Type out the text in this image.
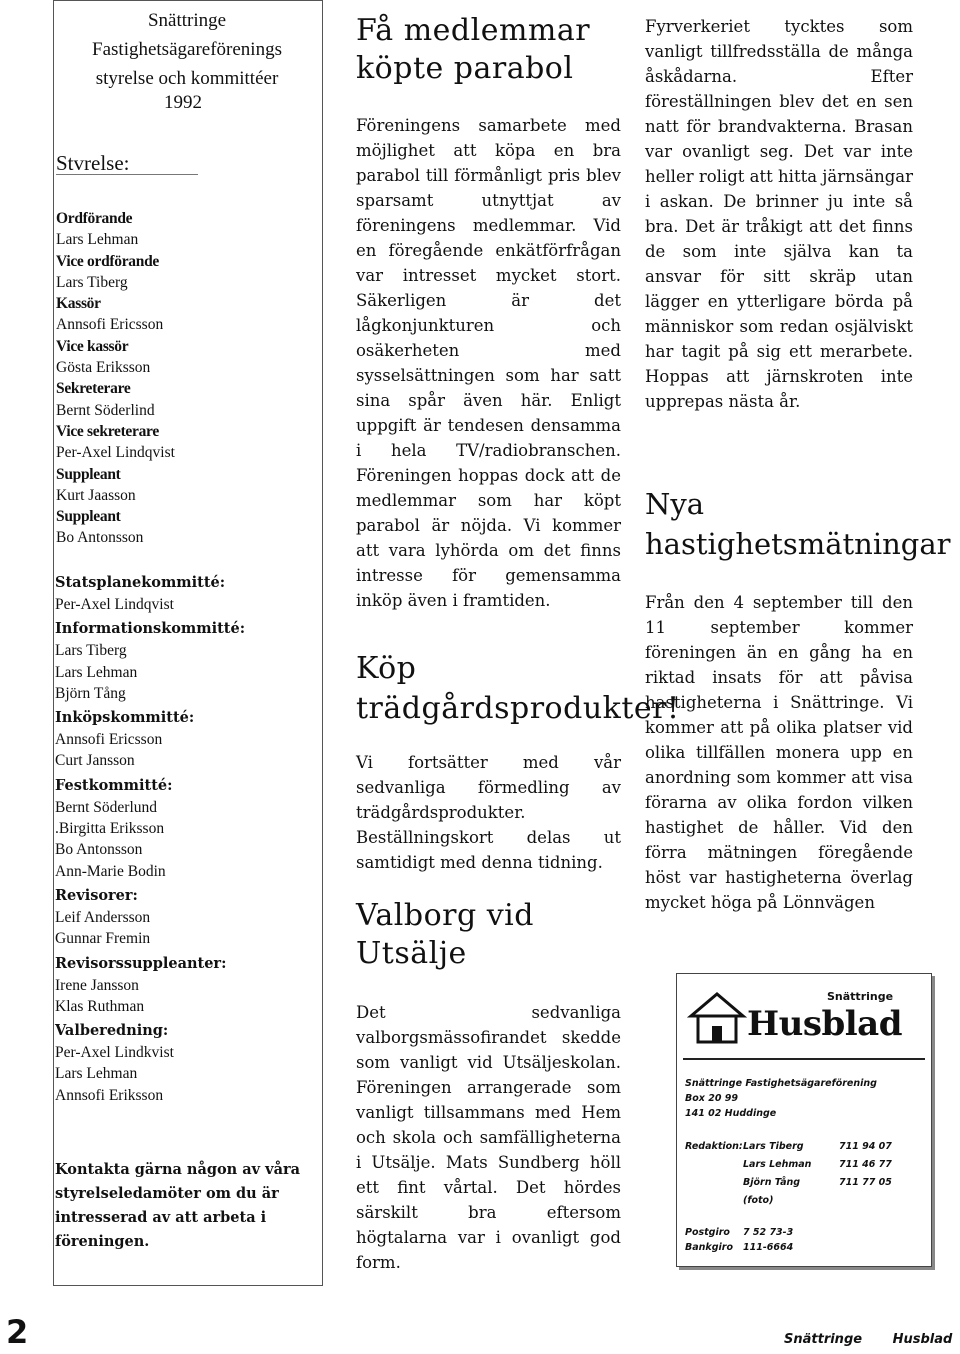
Snättringe
Fastighetsägareförenings
styrelse och kommittéer
1992
Stvrelse:
Ordförande
Lars Lehman
Vice ordförande
Lars Tiberg
Kassör
Annsofi Ericsson
Vice kassör
Gösta Eriksson
Sekreterare
Bernt Söderlind
Vice sekreterare
Per-Axel Lindqvist
Suppleant
Kurt Jaasson
Suppleant
Bo Antonsson
Statsplanekommitté:
Per-Axel Lindqvist
Informationskommitté:
Lars Tiberg
Lars Lehman
Björn Tång
Inköpskommitté:
Annsofi Ericsson
Curt Jansson
Festkommitté:
Bernt Söderlund
.Birgitta Eriksson
Bo Antonsson
Ann-Marie Bodin
Revisorer:
Leif Andersson
Gunnar Fremin
Revisorssuppleanter:
Irene Jansson
Klas Ruthman
Valberedning:
Per-Axel Lindkvist
Lars Lehman
Annsofi Eriksson
Kontakta gärna någon av våra styrelseledamöter om du är intresserad av att arbeta i föreningen.
Få medlemmar köpte parabol
Föreningens samarbete med möjlighet att köpa en bra parabol till förmånligt pris blev sparsamt utnyttjat av föreningens medlemmar. Vid en föregående enkätförfrågan var intresset mycket stort. Säkerligen är det lågkonjunkturen och osäkerheten med sysselsättningen som har satt sina spår även här. Enligt uppgift är tendesen densamma i hela TV/radiobranschen. Föreningen hoppas dock att de medlemmar som har köpt parabol är nöjda. Vi kommer att vara lyhörda om det finns intresse för gemensamma inköp även i framtiden.
Köp trädgårdsprodukter!
Vi fortsätter med vår sedvanliga förmedling av trädgårdsprodukter. Beställningskort delas ut samtidigt med denna tidning.
Valborg vid Utsälje
Det sedvanliga valborgsmässofirandet skedde som vanligt vid Utsäljeskolan. Föreningen arrangerade som vanligt tillsammans med Hem och skola och samfälligheterna i Utsälje. Mats Sundberg höll ett fint vårtal. Det hördes särskilt bra eftersom högtalarna var i ovanligt god form.
Fyrverkeriet tycktes som vanligt tillfredsställa de många åskådarna. Efter föreställningen blev det en sen natt för brandvakterna. Brasan var ovanligt seg. Det var inte heller roligt att hitta järnsängar i askan. De brinner ju inte så bra. Det är tråkigt att det finns de som inte själva kan ta ansvar för sitt skräp utan lägger en ytterligare börda på människor som redan osjälviskt har tagit på sig ett merarbete. Hoppas att järnskroten inte upprepas nästa år.
Nya hastighetsmätningar
Från den 4 september till den 11 september kommer föreningen än en gång ha en riktad insats för att påvisa hastigheterna i Snättringe. Vi kommer att på olika platser vid olika tillfällen monera upp en anordning som kommer att visa förarna av olika fordon vilken hastighet de håller. Vid den förra mätningen föregående höst var hastigheterna överlag mycket höga på Lönnvägen
Snättringe
Husblad
Snättringe Fastighetsägareförening
Box 20 99
141 02 Huddinge
Redaktion: Lars Tiberg	711 94 07
Lars Lehman	711 46 77
Björn Tång	711 77 05
(foto)
Postgiro 7 52 73-3
Bankgiro 111-6664
2	Snättringe Husblad
